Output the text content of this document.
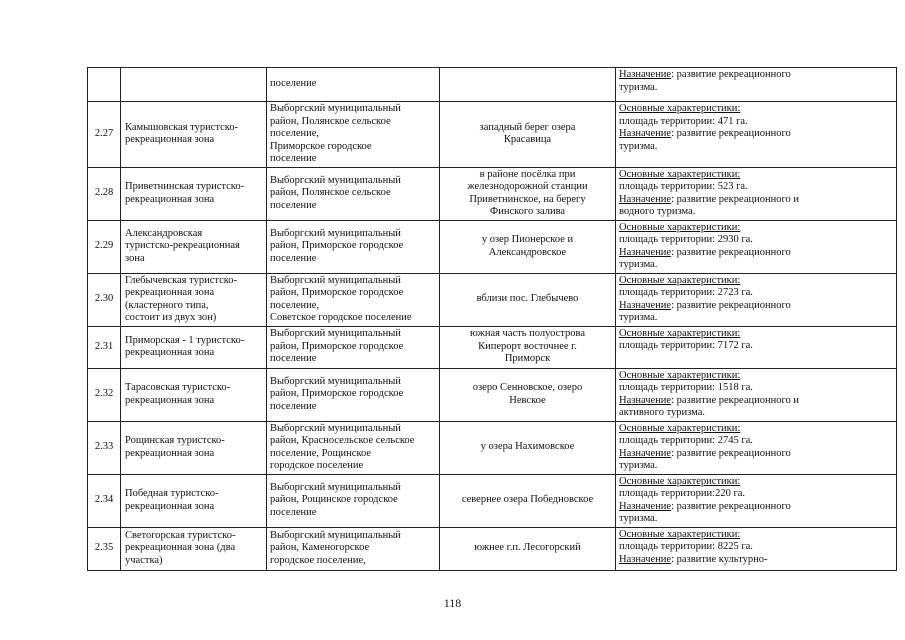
		поселение		Назначение: развитие рекреационного
туризма.

2.27	Камышовская туристско-
рекреационная зона	Выборгский муниципальный
район, Полянское сельское
поселение,
Приморское городское
поселение	западный берег озера
Красавица	Основные характеристики:
площадь территории: 471 га.
Назначение: развитие рекреационного
туризма.

2.28	Приветнинская туристско-
рекреационная зона	Выборгский муниципальный
район, Полянское сельское
поселение	в районе посёлка при
железнодорожной станции
Приветнинское, на берегу
Финского залива	Основные характеристики:
площадь территории: 523 га.
Назначение: развитие рекреационного и
водного туризма.

2.29	Александровская
туристско-рекреационная
зона	Выборгский муниципальный
район, Приморское городское
поселение	у озер Пионерское и
Александровское	Основные характеристики:
площадь территории: 2930 га.
Назначение: развитие рекреационного
туризма.

2.30	Глебычевская туристско-
рекреационная зона
(кластерного типа,
состоит из двух зон)	Выборгский муниципальный
район, Приморское городское
поселение,
Советское городское поселение	вблизи пос. Глебычево	Основные характеристики:
площадь территории: 2723 га.
Назначение: развитие рекреационного
туризма.

2.31	Приморская - 1 туристско-
рекреационная зона	Выборгский муниципальный
район, Приморское городское
поселение	южная часть полуострова
Киперорт восточнее г.
Приморск	Основные характеристики:
площадь территории: 7172 га.

2.32	Тарасовская туристско-
рекреационная зона	Выборгский муниципальный
район, Приморское городское
поселение	озеро Сенновское, озеро
Невское	Основные характеристики:
площадь территории: 1518 га.
Назначение: развитие рекреационного и
активного туризма.

2.33	Рощинская туристско-
рекреационная зона	Выборгский муниципальный
район, Красносельское сельское
поселение, Рощинское
городское поселение	у озера Нахимовское	Основные характеристики:
площадь территории: 2745 га.
Назначение: развитие рекреационного
туризма.

2.34	Победная туристско-
рекреационная зона	Выборгский муниципальный
район, Рощинское городское
поселение	севернее озера Победновское	Основные характеристики:
площадь территории:220 га.
Назначение: развитие рекреационного
туризма.

2.35	Светогорская туристско-
рекреационная зона (два
участка)	Выборгский муниципальный
район, Каменогорское
городское поселение,	южнее г.п. Лесогорский	Основные характеристики:
площадь территории: 8225 га.
Назначение: развитие культурно-
118
